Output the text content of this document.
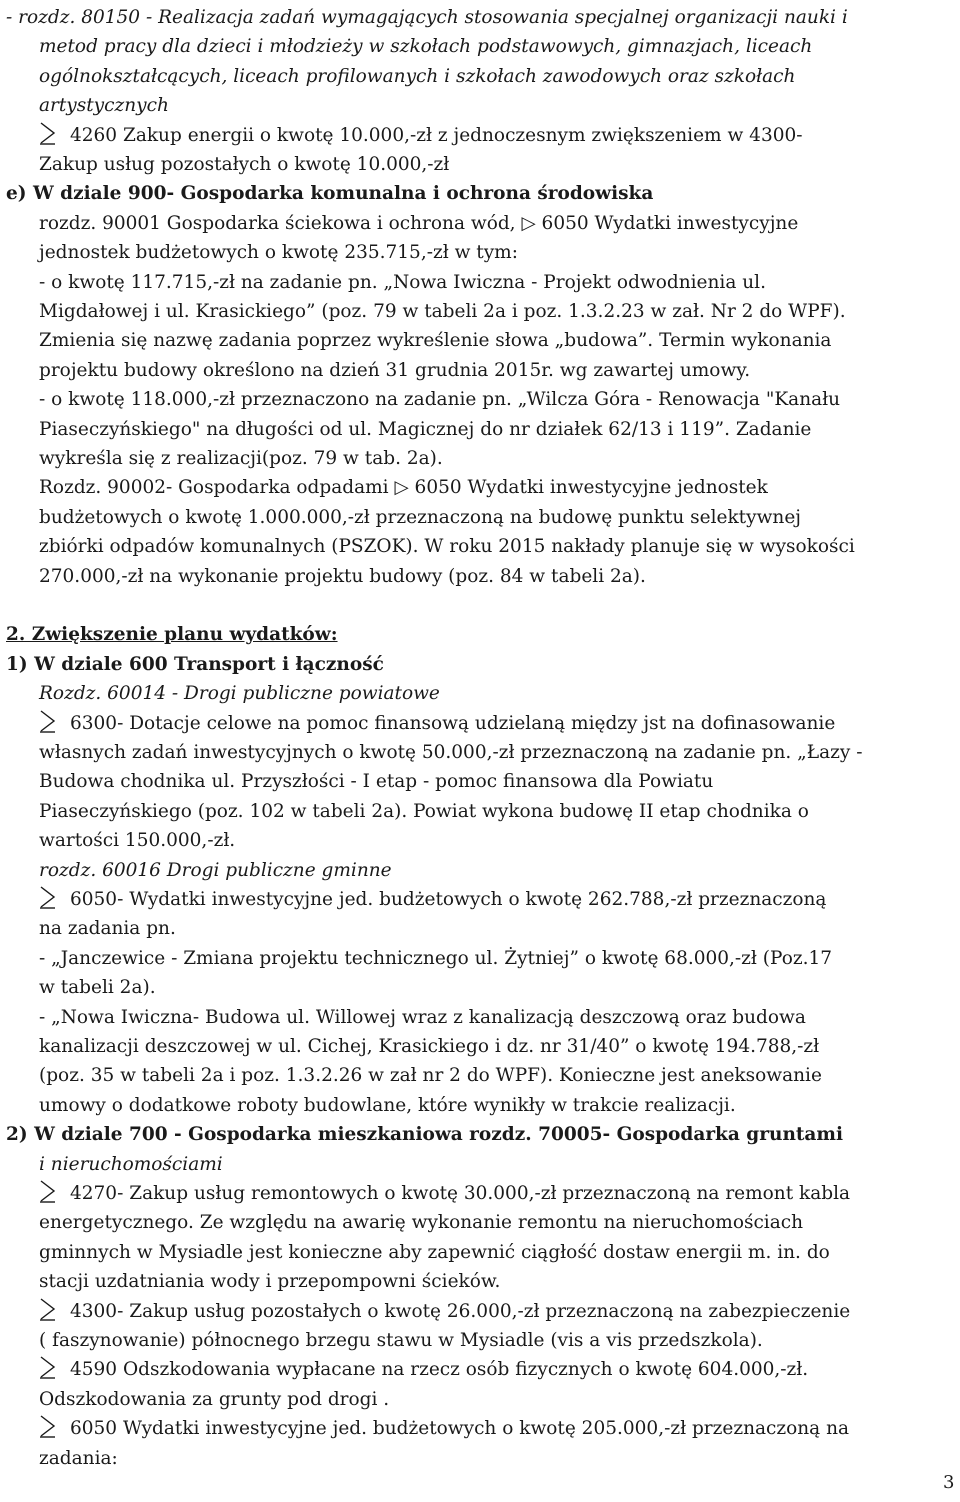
- rozdz. 80150 - Realizacja zadań wymagających stosowania specjalnej organizacji nauki i
metod pracy dla dzieci i młodzieży w szkołach podstawowych, gimnazjach, liceach
ogólnokształcących, liceach profilowanych i szkołach zawodowych oraz szkołach
artystycznych
4260 Zakup energii o kwotę 10.000,-zł z jednoczesnym zwiększeniem w 4300-
Zakup usług pozostałych o kwotę 10.000,-zł
e) W dziale 900- Gospodarka komunalna i ochrona środowiska
rozdz. 90001 Gospodarka ściekowa i ochrona wód, ▷ 6050 Wydatki inwestycyjne
jednostek budżetowych o kwotę 235.715,-zł w tym:
- o kwotę 117.715,-zł na zadanie pn. „Nowa Iwiczna - Projekt odwodnienia ul.
Migdałowej i ul. Krasickiego” (poz. 79 w tabeli 2a i poz. 1.3.2.23 w zał. Nr 2 do WPF).
Zmienia się nazwę zadania poprzez wykreślenie słowa „budowa”. Termin wykonania
projektu budowy określono na dzień 31 grudnia 2015r. wg zawartej umowy.
- o kwotę 118.000,-zł przeznaczono na zadanie pn. „Wilcza Góra - Renowacja "Kanału
Piaseczyńskiego" na długości od ul. Magicznej do nr działek 62/13 i 119”. Zadanie
wykreśla się z realizacji(poz. 79 w tab. 2a).
Rozdz. 90002- Gospodarka odpadami ▷ 6050 Wydatki inwestycyjne jednostek
budżetowych o kwotę 1.000.000,-zł przeznaczoną na budowę punktu selektywnej
zbiórki odpadów komunalnych (PSZOK). W roku 2015 nakłady planuje się w wysokości
270.000,-zł na wykonanie projektu budowy (poz. 84 w tabeli 2a).
2. Zwiększenie planu wydatków:
1) W dziale 600 Transport i łączność
Rozdz. 60014 - Drogi publiczne powiatowe
6300- Dotacje celowe na pomoc finansową udzielaną między jst na dofinasowanie
własnych zadań inwestycyjnych o kwotę 50.000,-zł przeznaczoną na zadanie pn. „Łazy -
Budowa chodnika ul. Przyszłości - I etap - pomoc finansowa dla Powiatu
Piaseczyńskiego (poz. 102 w tabeli 2a). Powiat wykona budowę II etap chodnika o
wartości 150.000,-zł.
rozdz. 60016 Drogi publiczne gminne
6050- Wydatki inwestycyjne jed. budżetowych o kwotę 262.788,-zł przeznaczoną
na zadania pn.
- „Janczewice - Zmiana projektu technicznego ul. Żytniej” o kwotę 68.000,-zł (Poz.17
w tabeli 2a).
- „Nowa Iwiczna- Budowa ul. Willowej wraz z kanalizacją deszczową oraz budowa
kanalizacji deszczowej w ul. Cichej, Krasickiego i dz. nr 31/40” o kwotę 194.788,-zł
(poz. 35 w tabeli 2a i poz. 1.3.2.26 w zał nr 2 do WPF). Konieczne jest aneksowanie
umowy o dodatkowe roboty budowlane, które wynikły w trakcie realizacji.
2) W dziale 700 - Gospodarka mieszkaniowa rozdz. 70005- Gospodarka gruntami
i nieruchomościami
4270- Zakup usług remontowych o kwotę 30.000,-zł przeznaczoną na remont kabla
energetycznego. Ze względu na awarię wykonanie remontu na nieruchomościach
gminnych w Mysiadle jest konieczne aby zapewnić ciągłość dostaw energii m. in. do
stacji uzdatniania wody i przepompowni ścieków.
4300- Zakup usług pozostałych o kwotę 26.000,-zł przeznaczoną na zabezpieczenie
( faszynowanie) północnego brzegu stawu w Mysiadle (vis a vis przedszkola).
4590 Odszkodowania wypłacane na rzecz osób fizycznych o kwotę 604.000,-zł.
Odszkodowania za grunty pod drogi .
6050 Wydatki inwestycyjne jed. budżetowych o kwotę 205.000,-zł przeznaczoną na
zadania:
3
